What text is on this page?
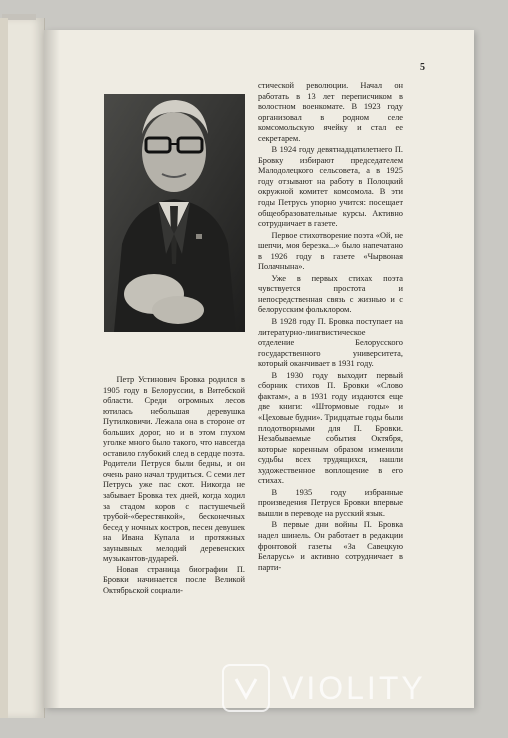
5

Петр Устинович Бровка родился в 1905 году в Белоруссии, в Витебской области. Среди огромных лесов ютилась небольшая деревушка Путилковичи. Лежала она в стороне от больших дорог, но и в этом глухом уголке много было такого, что навсегда оставило глубокий след в сердце поэта. Родители Петруся были бедны, и он очень рано начал трудиться. С семи лет Петрусь уже пас скот. Никогда не забывает Бровка тех дней, когда ходил за стадом коров с пастушечьей трубой-«берестянкой», бесконечных бесед у ночных костров, песен девушек на Ивана Купала и протяжных заунывных мелодий деревенских музыкантов-дударей.

Новая страница биографии П. Бровки начинается после Великой Октябрьской социали-

стической революции. Начал он работать в 13 лет переписчиком в волостном военкомате. В 1923 году организовал в родном селе комсомольскую ячейку и стал ее секретарем.

В 1924 году девятнадцатилетнего П. Бровку избирают председателем Малодолецкого сельсовета, а в 1925 году отзывают на работу в Полоцкий окружной комитет комсомола. В эти годы Петрусь упорно учится: посещает общеобразовательные курсы. Активно сотрудничает в газете.

Первое стихотворение поэта «Ой, не шепчи, моя березка...» было напечатано в 1926 году в газете «Чырвоная Полачнына».

Уже в первых стихах поэта чувствуется простота и непосредственная связь с жизнью и с белорусским фольклором.

В 1928 году П. Бровка поступает на литературно-лингвистическое отделение Белорусского государственного университета, который оканчивает в 1931 году.

В 1930 году выходит первый сборник стихов П. Бровки «Слово фактам», а в 1931 году издаются еще две книги: «Штормовые годы» и «Цеховые будни». Тридцатые годы были плодотворными для П. Бровки. Незабываемые события Октября, которые коренным образом изменили судьбы всех трудящихся, нашли художественное воплощение в его стихах.

В 1935 году избранные произведения Петруся Бровки впервые вышли в переводе на русский язык.

В первые дни войны П. Бровка надел шинель. Он работает в редакции фронтовой газеты «За Савецкую Беларусь» и активно сотрудничает в парти-

VIOLITY
